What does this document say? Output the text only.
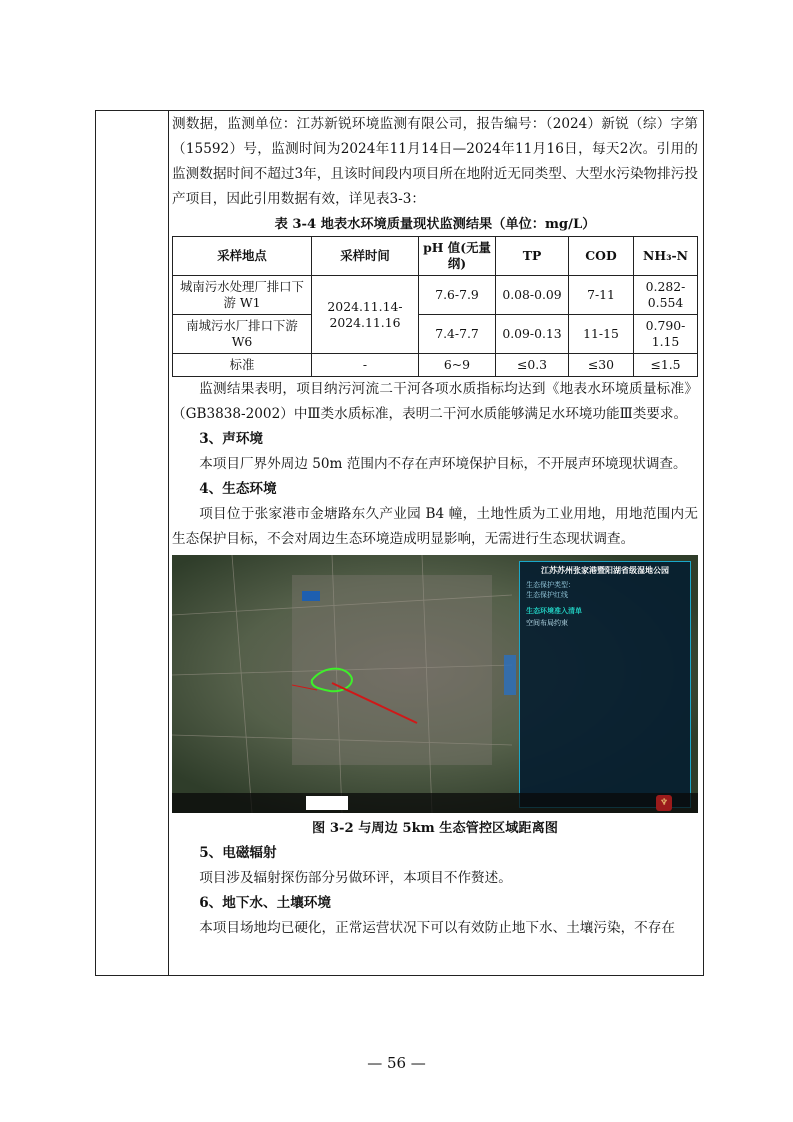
测数据，监测单位：江苏新锐环境监测有限公司，报告编号：（2024）新锐（综）字第（15592）号，监测时间为2024年11月14日—2024年11月16日，每天2次。引用的监测数据时间不超过3年，且该时间段内项目所在地附近无同类型、大型水污染物排污投产项目，因此引用数据有效，详见表3-3：

表 3-4 地表水环境质量现状监测结果（单位：mg/L）
采样地点	采样时间	pH 值(无量纲)	TP	COD	NH₃-N
城南污水处理厂排口下游 W1	2024.11.14-2024.11.16	7.6-7.9	0.08-0.09	7-11	0.282-0.554
南城污水厂排口下游 W6		7.4-7.7	0.09-0.13	11-15	0.790-1.15
标准	-	6~9	≤0.3	≤30	≤1.5

监测结果表明，项目纳污河流二干河各项水质指标均达到《地表水环境质量标准》（GB3838-2002）中Ⅲ类水质标准，表明二干河水质能够满足水环境功能Ⅲ类要求。

3、声环境

本项目厂界外周边 50m 范围内不存在声环境保护目标，不开展声环境现状调查。

4、生态环境

项目位于张家港市金塘路东久产业园 B4 幢，土地性质为工业用地，用地范围内无生态保护目标，不会对周边生态环境造成明显影响，无需进行生态现状调查。

江苏苏州张家港暨阳湖省级湿地公园
生态保护类型：
生态保护红线
生态环境准入清单
空间布局约束
♆
图 3-2 与周边 5km 生态管控区域距离图

5、电磁辐射

项目涉及辐射探伤部分另做环评，本项目不作赘述。

6、地下水、土壤环境

本项目场地均已硬化，正常运营状况下可以有效防止地下水、土壤污染，不存在

— 56 —
